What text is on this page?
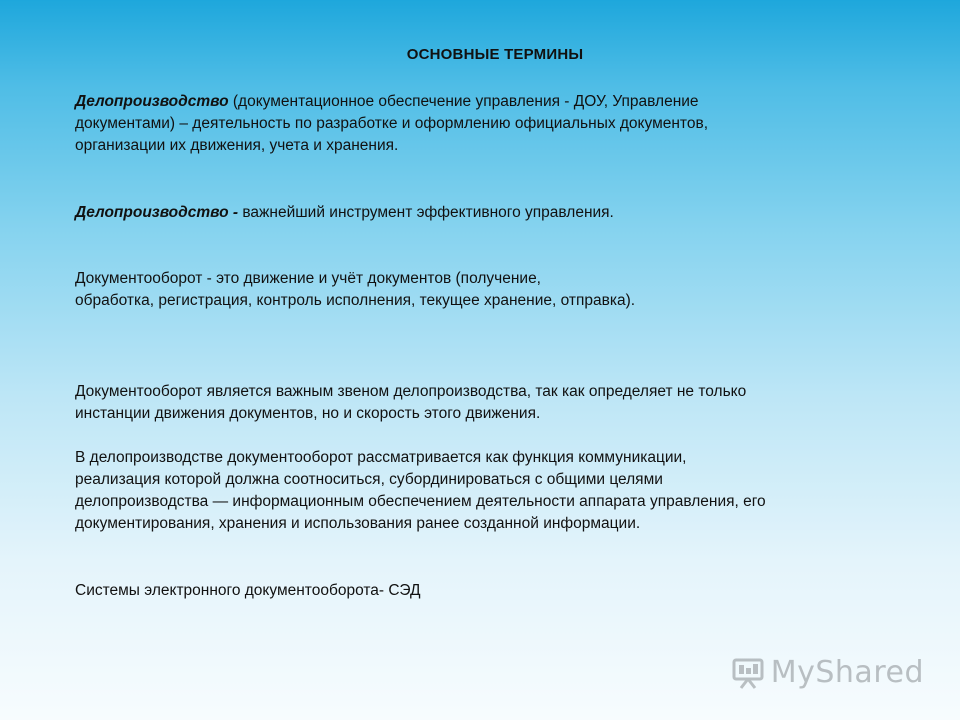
ОСНОВНЫЕ ТЕРМИНЫ
Делопроизводство (документационное обеспечение управления - ДОУ, Управление
документами) – деятельность по разработке и оформлению официальных документов,
организации их движения, учета и хранения.
Делопроизводство - важнейший инструмент эффективного управления.
Документооборот - это движение и учёт документов (получение,
обработка, регистрация, контроль исполнения, текущее хранение, отправка).
Документооборот является важным звеном делопроизводства, так как определяет не только
инстанции движения документов, но и скорость этого движения.
В делопроизводстве документооборот рассматривается как функция коммуникации,
реализация которой должна соотноситься, субординироваться с общими целями
делопроизводства — информационным обеспечением деятельности аппарата управления, его
документирования, хранения и использования ранее созданной информации.
Системы электронного документооборота- СЭД
MyShared
